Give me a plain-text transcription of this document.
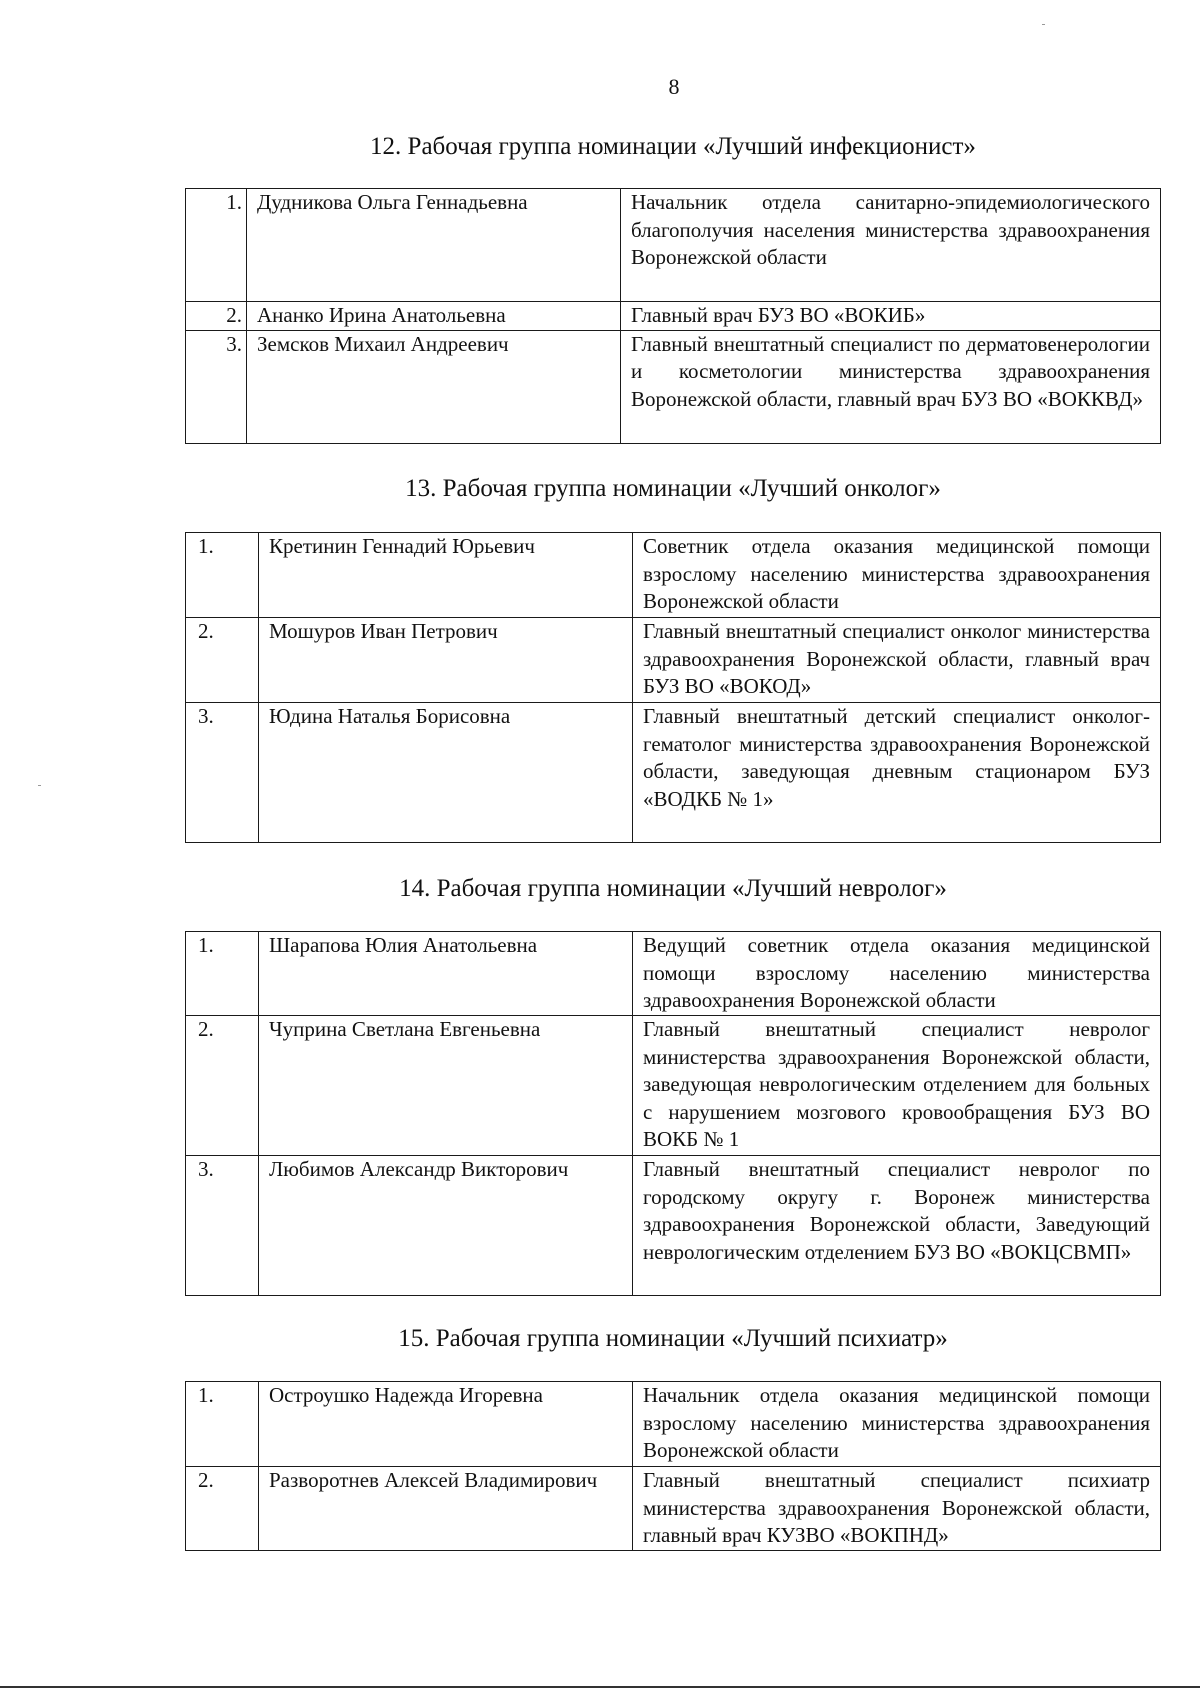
8
12. Рабочая группа номинации «Лучший инфекционист»
1.	Дудникова Ольга Геннадьевна	Начальник отдела санитарно-эпидемиологического благополучия населения министерства здравоохранения Воронежской области
2.	Ананко Ирина Анатольевна	Главный врач БУЗ ВО «ВОКИБ»
3.	Земсков Михаил Андреевич	Главный внештатный специалист по дерматовенерологии и косметологии министерства здравоохранения Воронежской области, главный врач БУЗ ВО «ВОККВД»
13. Рабочая группа номинации «Лучший онколог»
1.	Кретинин Геннадий Юрьевич	Советник отдела оказания медицинской помощи взрослому населению министерства здравоохранения Воронежской области
2.	Мошуров Иван Петрович	Главный внештатный специалист онколог министерства здравоохранения Воронежской области, главный врач БУЗ ВО «ВОКОД»
3.	Юдина Наталья Борисовна	Главный внештатный детский специалист онколог-гематолог министерства здравоохранения Воронежской области, заведующая дневным стационаром БУЗ «ВОДКБ № 1»
14. Рабочая группа номинации «Лучший невролог»
1.	Шарапова Юлия Анатольевна	Ведущий советник отдела оказания медицинской помощи взрослому населению министерства здравоохранения Воронежской области
2.	Чуприна Светлана Евгеньевна	Главный внештатный специалист невролог министерства здравоохранения Воронежской области, заведующая неврологическим отделением для больных с нарушением мозгового кровообращения БУЗ ВО ВОКБ № 1
3.	Любимов Александр Викторович	Главный внештатный специалист невролог по городскому округу г. Воронеж министерства здравоохранения Воронежской области, Заведующий неврологическим отделением БУЗ ВО «ВОКЦСВМП»
15. Рабочая группа номинации «Лучший психиатр»
1.	Остроушко Надежда Игоревна	Начальник отдела оказания медицинской помощи взрослому населению министерства здравоохранения Воронежской области
2.	Разворотнев Алексей Владимирович	Главный внештатный специалист психиатр министерства здравоохранения Воронежской области, главный врач КУЗВО «ВОКПНД»
